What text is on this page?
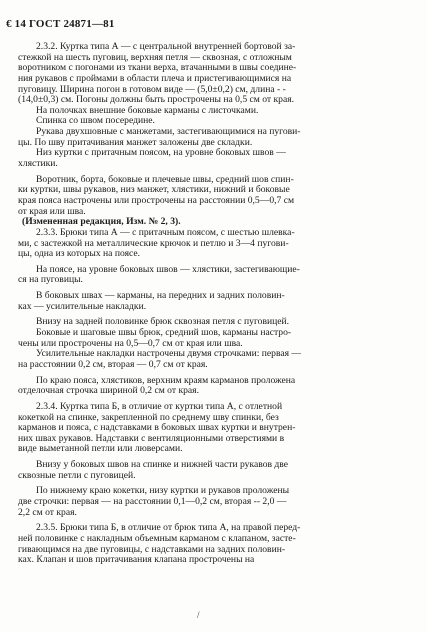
€ 14 ГОСТ 24871—81
2.3.2. Куртка типа А — с центральной внутренней бортовой за-
стежкой на шесть пуговиц, верхняя петля — сквозная, с отложным
воротником с погонами из ткани верха, втачанными в швы соедине-
ния рукавов с проймами в области плеча и пристегивающимися на
пуговицу. Ширина погон в готовом виде — (5,0±0,2) см, длина - -
(14,0±0,3) см. Погоны должны быть прострочены на 0,5 см от края.
На полочках внешние боковые карманы с листочками.
Спинка со швом посередине.
Рукава двухшовные с манжетами, застегивающимися на пугови-
цы. По шву притачивания манжет заложены две складки.
Низ куртки с притачным поясом, на уровне боковых швов —
хлястики.
Воротник, борта, боковые и плечевые швы, средний шов спин-
ки куртки, швы рукавов, низ манжет, хлястики, нижний и боковые
края пояса настрочены или прострочены на расстоянии 0,5—0,7 см
от края или шва.
(Измененная редакция, Изм. № 2, 3).
2.3.3. Брюки типа А — с притачным поясом, с шестью шлевка-
ми, с застежкой на металлические крючок и петлю и 3—4 пугови-
цы, одна из которых на поясе.
На поясе, на уровне боковых швов — хлястики, застегивающие-
ся на пуговицы.
В боковых швах — карманы, на передних и задних половин-
ках — усилительные накладки.
Внизу на задней половинке брюк сквозная петля с пуговицей.
Боковые и шаговые швы брюк, средний шов, карманы настро-
чены или прострочены на 0,5—0,7 см от края или шва.
Усилительные накладки настрочены двумя строчками: первая —
на расстоянии 0,2 см, вторая — 0,7 см от края.
По краю пояса, хлястиков, верхним краям карманов проложена
отделочная строчка шириной 0,2 см от края.
2.3.4. Куртка типа Б, в отличие от куртки типа А, с отлетной
кокеткой на спинке, закрепленной по среднему шву спинки, без
карманов и пояса, с надставками в боковых швах куртки и внутрен-
них швах рукавов. Надставки с вентиляционными отверстиями в
виде выметанной петли или люверсами.
Внизу у боковых швов на спинке и нижней части рукавов две
сквозные петли с пуговицей.
По нижнему краю кокетки, низу куртки и рукавов проложены
две строчки: первая — на расстоянии 0,1—0,2 см, вторая -- 2,0 —
2,2 см от края.
2.3.5. Брюки типа Б, в отличие от брюк типа А, на правой перед-
ней половинке с накладным объемным карманом с клапаном, застe-
гивающимся на две пуговицы, с надставками на задних половин-
ках. Клапан и шов притачивания клапана прострочены на
/
